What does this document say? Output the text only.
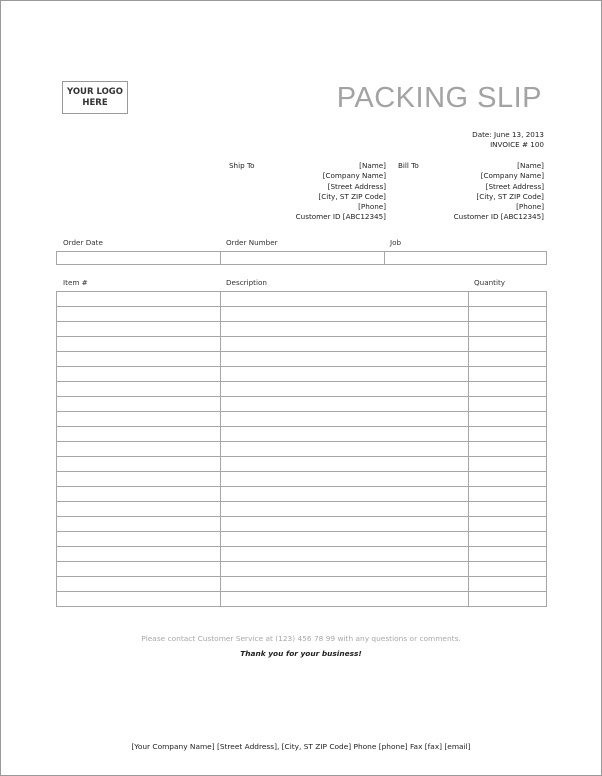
YOUR LOGO
HERE	PACKING SLIP
Date: June 13, 2013
INVOICE # 100
Ship To	[Name]
[Company Name]
[Street Address]
[City, ST ZIP Code]
[Phone]
Customer ID [ABC12345]
Bill To	[Name]
[Company Name]
[Street Address]
[City, ST ZIP Code]
[Phone]
Customer ID [ABC12345]
Order Date	Order Number	Job

Item #	Description	Quantity

Please contact Customer Service at (123) 456 78 99 with any questions or comments.
Thank you for your business!
[Your Company Name] [Street Address], [City, ST ZIP Code] Phone [phone] Fax [fax] [email]
